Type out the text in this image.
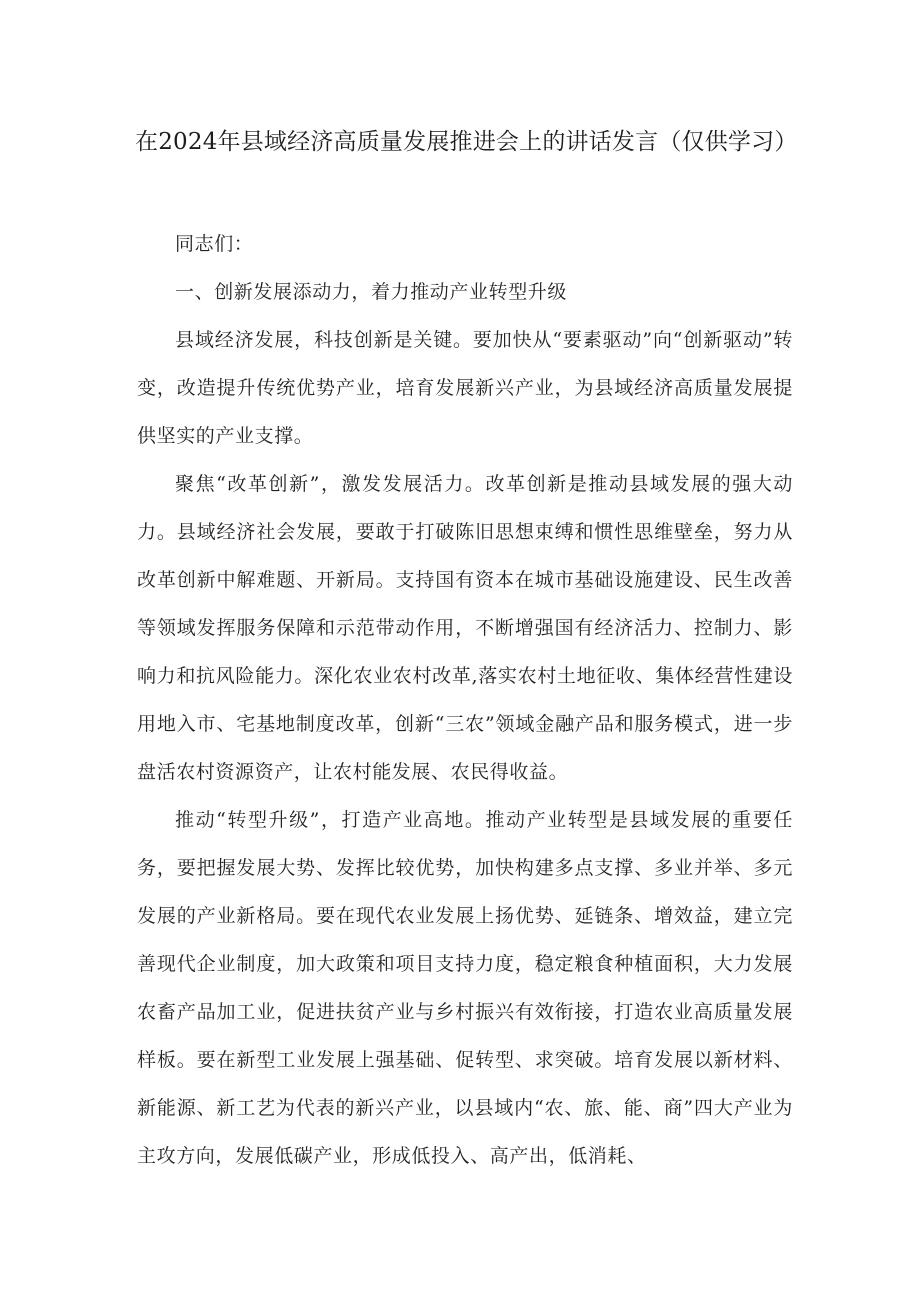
在2024年县域经济高质量发展推进会上的讲话发言（仅供学习）

同志们：

一、创新发展添动力，着力推动产业转型升级

县域经济发展，科技创新是关键。要加快从“要素驱动”向“创新驱动”转变，改造提升传统优势产业，培育发展新兴产业，为县域经济高质量发展提供坚实的产业支撑。

聚焦“改革创新”，激发发展活力。改革创新是推动县域发展的强大动力。县域经济社会发展，要敢于打破陈旧思想束缚和惯性思维壁垒，努力从改革创新中解难题、开新局。支持国有资本在城市基础设施建设、民生改善等领域发挥服务保障和示范带动作用，不断增强国有经济活力、控制力、影响力和抗风险能力。深化农业农村改革,落实农村土地征收、集体经营性建设用地入市、宅基地制度改革，创新“三农”领域金融产品和服务模式，进一步盘活农村资源资产，让农村能发展、农民得收益。

推动“转型升级”，打造产业高地。推动产业转型是县域发展的重要任务，要把握发展大势、发挥比较优势，加快构建多点支撑、多业并举、多元发展的产业新格局。要在现代农业发展上扬优势、延链条、增效益，建立完善现代企业制度，加大政策和项目支持力度，稳定粮食种植面积，大力发展农畜产品加工业，促进扶贫产业与乡村振兴有效衔接，打造农业高质量发展样板。要在新型工业发展上强基础、促转型、求突破。培育发展以新材料、新能源、新工艺为代表的新兴产业，以县域内“农、旅、能、商”四大产业为主攻方向，发展低碳产业，形成低投入、高产出，低消耗、
